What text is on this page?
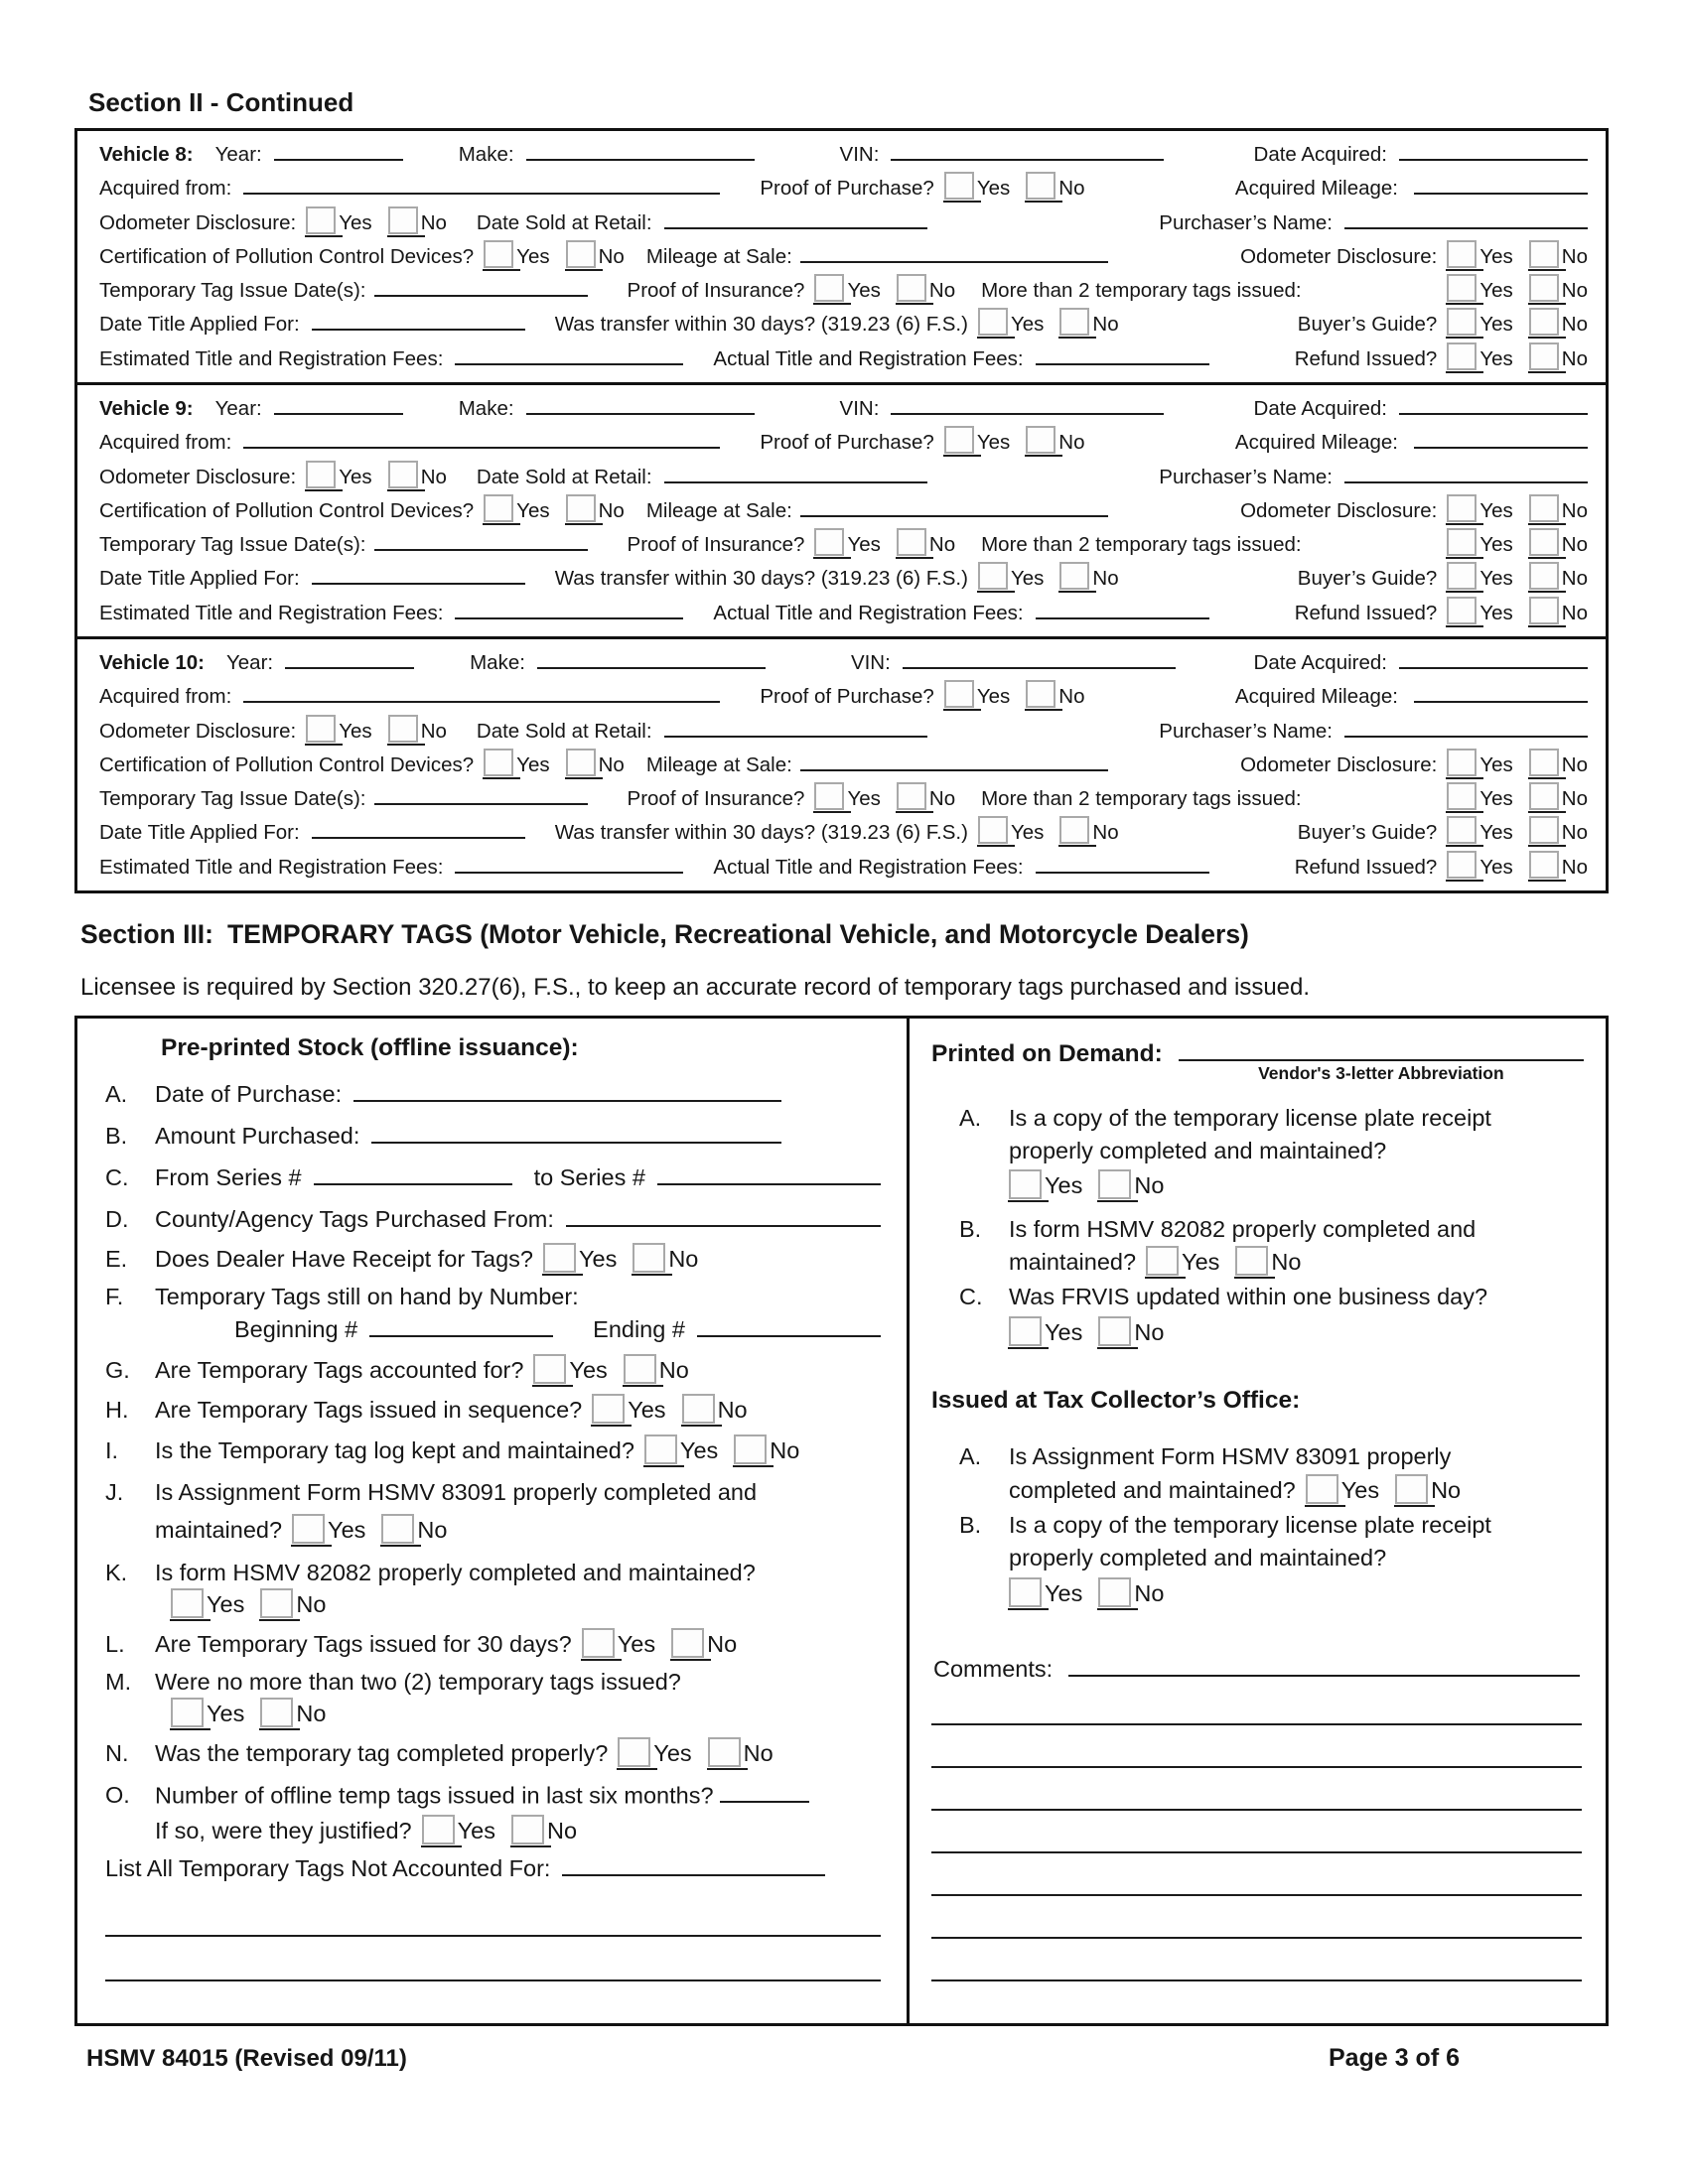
Section II - Continued
Vehicle 8: Year:	Make:	VIN:	Date Acquired:
Acquired from:	Proof of Purchase?	Yes No	Acquired Mileage:
Odometer Disclosure:	Yes No Date Sold at Retail:	Purchaser’s Name:
Certification of Pollution Control Devices?	Yes No Mileage at Sale:	Odometer Disclosure:	Yes No
Temporary Tag Issue Date(s):	Proof of Insurance?	Yes No More than 2 temporary tags issued:	Yes No
Date Title Applied For:	Was transfer within 30 days? (319.23 (6) F.S.)	Yes No	Buyer’s Guide?	Yes No
Estimated Title and Registration Fees:	Actual Title and Registration Fees:	Refund Issued?	Yes No
Vehicle 9: Year:	Make:	VIN:	Date Acquired:
Acquired from:	Proof of Purchase?	Yes No	Acquired Mileage:
Odometer Disclosure:	Yes No Date Sold at Retail:	Purchaser’s Name:
Certification of Pollution Control Devices?	Yes No Mileage at Sale:	Odometer Disclosure:	Yes No
Temporary Tag Issue Date(s):	Proof of Insurance?	Yes No More than 2 temporary tags issued:	Yes No
Date Title Applied For:	Was transfer within 30 days? (319.23 (6) F.S.)	Yes No	Buyer’s Guide?	Yes No
Estimated Title and Registration Fees:	Actual Title and Registration Fees:	Refund Issued?	Yes No
Vehicle 10: Year:	Make:	VIN:	Date Acquired:
Acquired from:	Proof of Purchase?	Yes No	Acquired Mileage:
Odometer Disclosure:	Yes No Date Sold at Retail:	Purchaser’s Name:
Certification of Pollution Control Devices?	Yes No Mileage at Sale:	Odometer Disclosure:	Yes No
Temporary Tag Issue Date(s):	Proof of Insurance?	Yes No More than 2 temporary tags issued:	Yes No
Date Title Applied For:	Was transfer within 30 days? (319.23 (6) F.S.)	Yes No	Buyer’s Guide?	Yes No
Estimated Title and Registration Fees:	Actual Title and Registration Fees:	Refund Issued?	Yes No
Section III: TEMPORARY TAGS (Motor Vehicle, Recreational Vehicle, and Motorcycle Dealers)
Licensee is required by Section 320.27(6), F.S., to keep an accurate record of temporary tags purchased and issued.
Pre-printed Stock (offline issuance):
A.	Date of Purchase:
B.	Amount Purchased:
C.	From Series #	to Series #
D.	County/Agency Tags Purchased From:
E.	Does Dealer Have Receipt for Tags? Yes No
F.	Temporary Tags still on hand by Number:
Beginning #	Ending #
G.	Are Temporary Tags accounted for? Yes No
H.	Are Temporary Tags issued in sequence? Yes No
I.	Is the Temporary tag log kept and maintained? Yes No
J.	Is Assignment Form HSMV 83091 properly completed and maintained? Yes No
K.	Is form HSMV 82082 properly completed and maintained?
Yes No
L.	Are Temporary Tags issued for 30 days? Yes No
M.	Were no more than two (2) temporary tags issued?
Yes No
N.	Was the temporary tag completed properly? Yes No
O.	Number of offline temp tags issued in last six months?
If so, were they justified? Yes No
List All Temporary Tags Not Accounted For:
Printed on Demand:
Vendor's 3-letter Abbreviation
A.	Is a copy of the temporary license plate receipt properly completed and maintained?
Yes No
B.	Is form HSMV 82082 properly completed and maintained? Yes No
C.	Was FRVIS updated within one business day?
Yes No
Issued at Tax Collector’s Office:
A.	Is Assignment Form HSMV 83091 properly completed and maintained? Yes No
B.	Is a copy of the temporary license plate receipt properly completed and maintained?
Yes No
Comments:
HSMV 84015 (Revised 09/11)	Page 3 of 6
